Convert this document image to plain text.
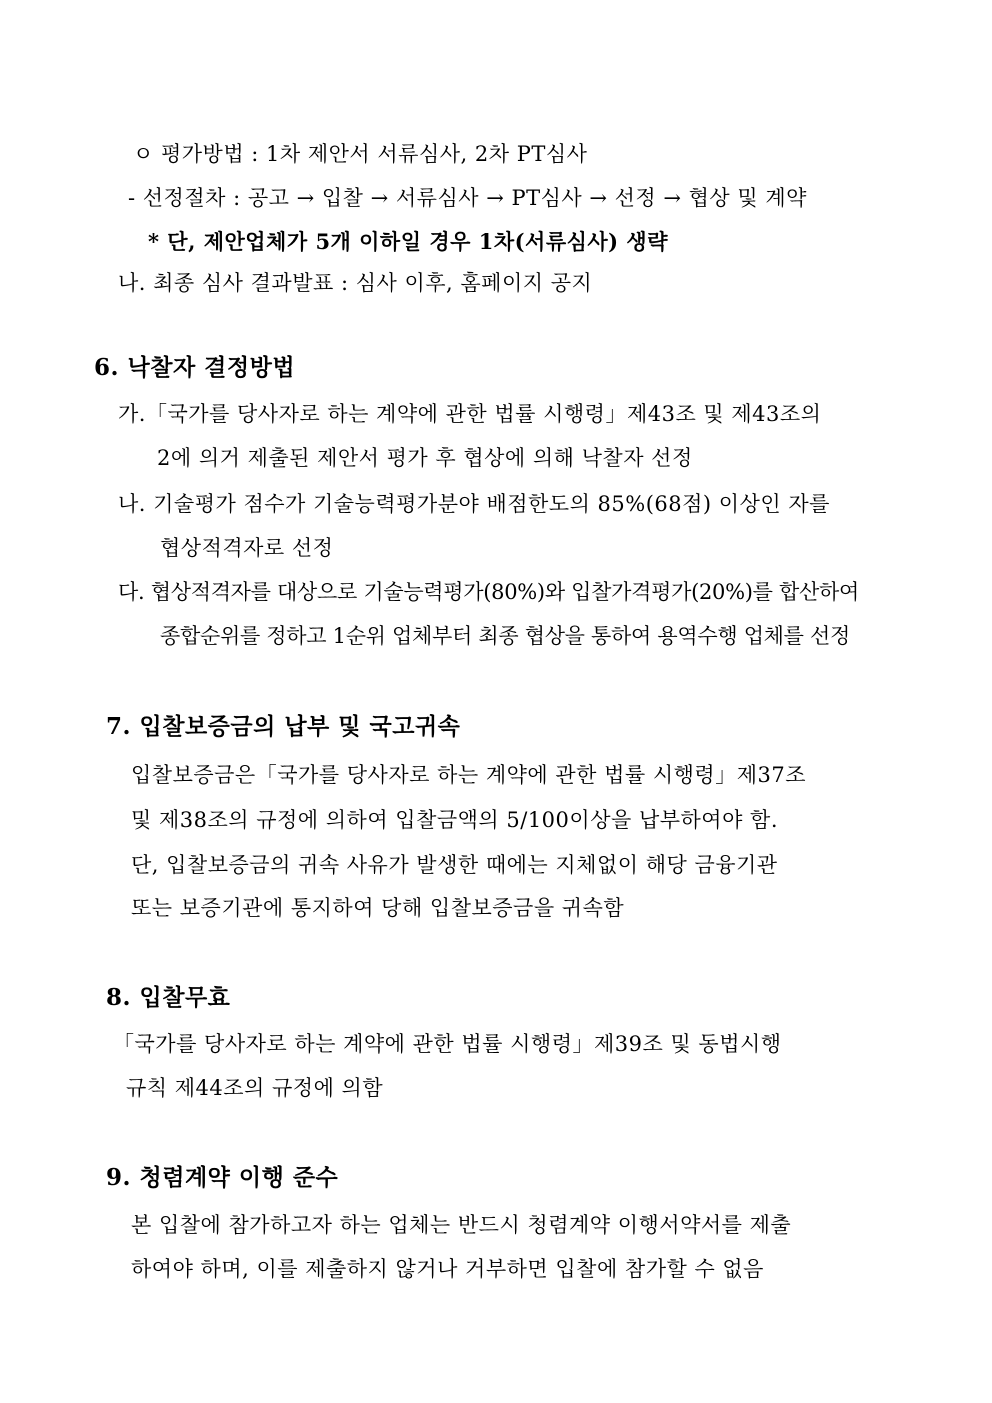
ㅇ 평가방법 : 1차 제안서 서류심사, 2차 PT심사
- 선정절차 : 공고 → 입찰 → 서류심사 → PT심사 → 선정 → 협상 및 계약
* 단, 제안업체가 5개 이하일 경우 1차(서류심사) 생략
나. 최종 심사 결과발표 : 심사 이후, 홈페이지 공지
6. 낙찰자 결정방법
가.「국가를 당사자로 하는 계약에 관한 법률 시행령」제43조 및 제43조의
2에 의거 제출된 제안서 평가 후 협상에 의해 낙찰자 선정
나. 기술평가 점수가 기술능력평가분야 배점한도의 85%(68점) 이상인 자를
협상적격자로 선정
다. 협상적격자를 대상으로 기술능력평가(80%)와 입찰가격평가(20%)를 합산하여
종합순위를 정하고 1순위 업체부터 최종 협상을 통하여 용역수행 업체를 선정
7. 입찰보증금의 납부 및 국고귀속
입찰보증금은「국가를 당사자로 하는 계약에 관한 법률 시행령」제37조
및 제38조의 규정에 의하여 입찰금액의 5/100이상을 납부하여야 함.
단, 입찰보증금의 귀속 사유가 발생한 때에는 지체없이 해당 금융기관
또는 보증기관에 통지하여 당해 입찰보증금을 귀속함
8. 입찰무효
「국가를 당사자로 하는 계약에 관한 법률 시행령」제39조 및 동법시행
규칙 제44조의 규정에 의함
9. 청렴계약 이행 준수
본 입찰에 참가하고자 하는 업체는 반드시 청렴계약 이행서약서를 제출
하여야 하며, 이를 제출하지 않거나 거부하면 입찰에 참가할 수 없음
